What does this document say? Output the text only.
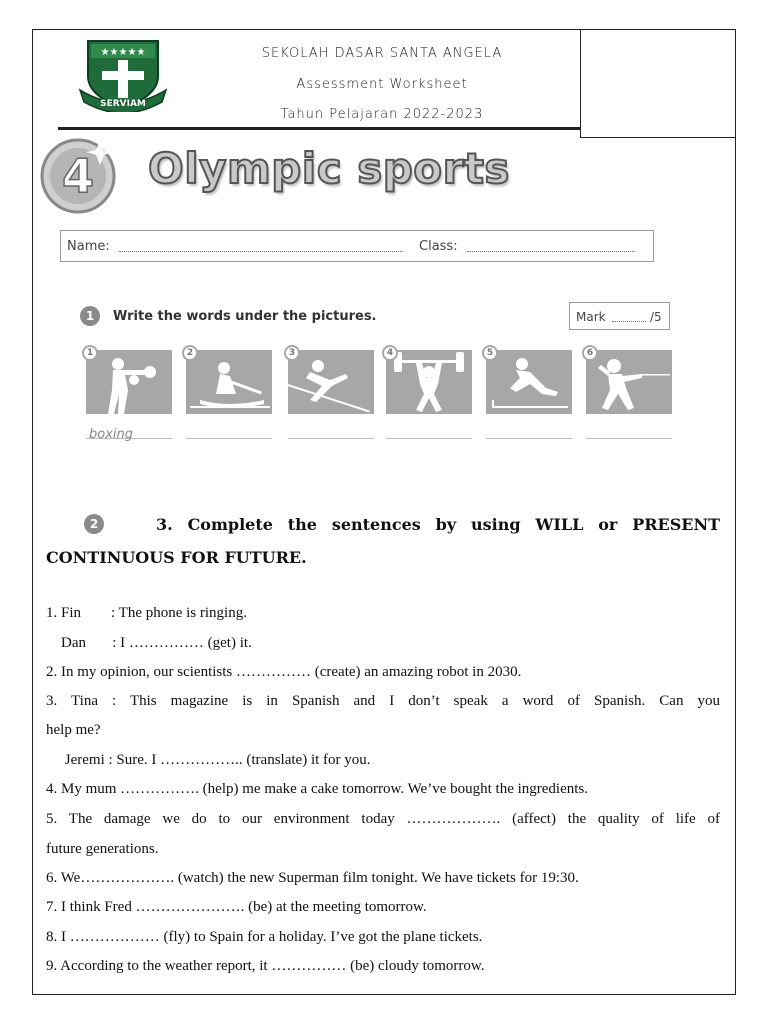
★★★★★
SERVIAM
SEKOLAH DASAR SANTA ANGELA
Assessment Worksheet
Tahun Pelajaran 2022-2023
4 Olympic sports
Name:	Class:
1	Write the words under the pictures.	Mark	/5
1	2	3	4	5	6
boxing
2	3. Complete the sentences by using WILL or PRESENT
CONTINUOUS FOR FUTURE.
1. Fin        : The phone is ringing.
Dan       : I …………… (get) it.
2. In my opinion, our scientists …………… (create) an amazing robot in 2030.
3. Tina : This magazine is in Spanish and I don’t speak a word of Spanish. Can you
help me?
Jeremi : Sure. I …………….. (translate) it for you.
4. My mum ……………. (help) me make a cake tomorrow. We’ve bought the ingredients.
5. The damage we do to our environment today ………………. (affect) the quality of life of
future generations.
6. We………………. (watch) the new Superman film tonight. We have tickets for 19:30.
7. I think Fred …………………. (be) at the meeting tomorrow.
8. I ……………… (fly) to Spain for a holiday. I’ve got the plane tickets.
9. According to the weather report, it …………… (be) cloudy tomorrow.
